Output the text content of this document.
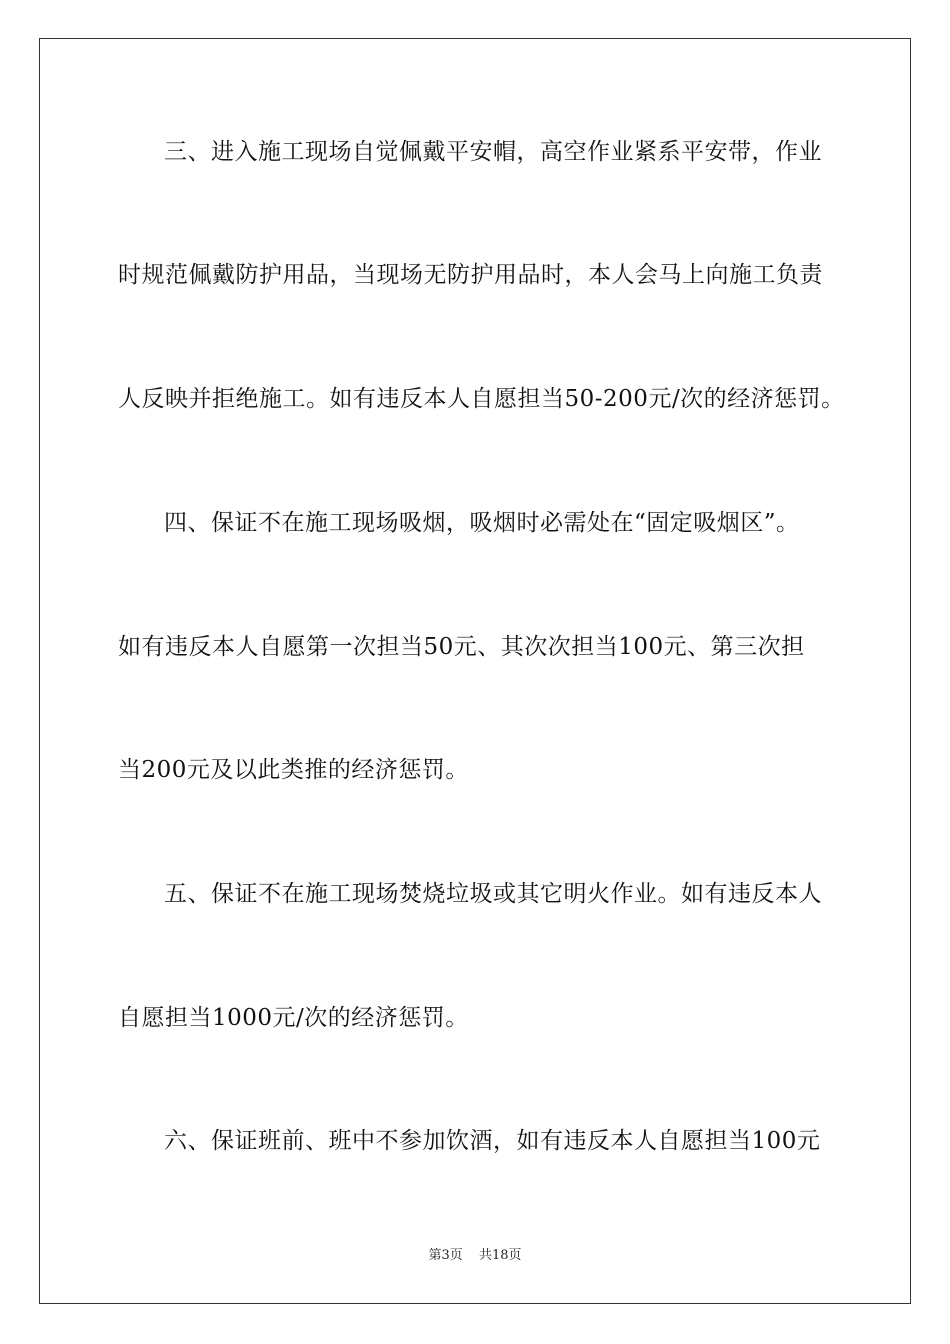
三、进入施工现场自觉佩戴平安帽，高空作业紧系平安带，作业
时规范佩戴防护用品，当现场无防护用品时，本人会马上向施工负责
人反映并拒绝施工。如有违反本人自愿担当50-200元/次的经济惩罚。
四、保证不在施工现场吸烟，吸烟时必需处在“固定吸烟区”。
如有违反本人自愿第一次担当50元、其次次担当100元、第三次担
当200元及以此类推的经济惩罚。
五、保证不在施工现场焚烧垃圾或其它明火作业。如有违反本人
自愿担当1000元/次的经济惩罚。
六、保证班前、班中不参加饮酒，如有违反本人自愿担当100元
第3页 共18页
